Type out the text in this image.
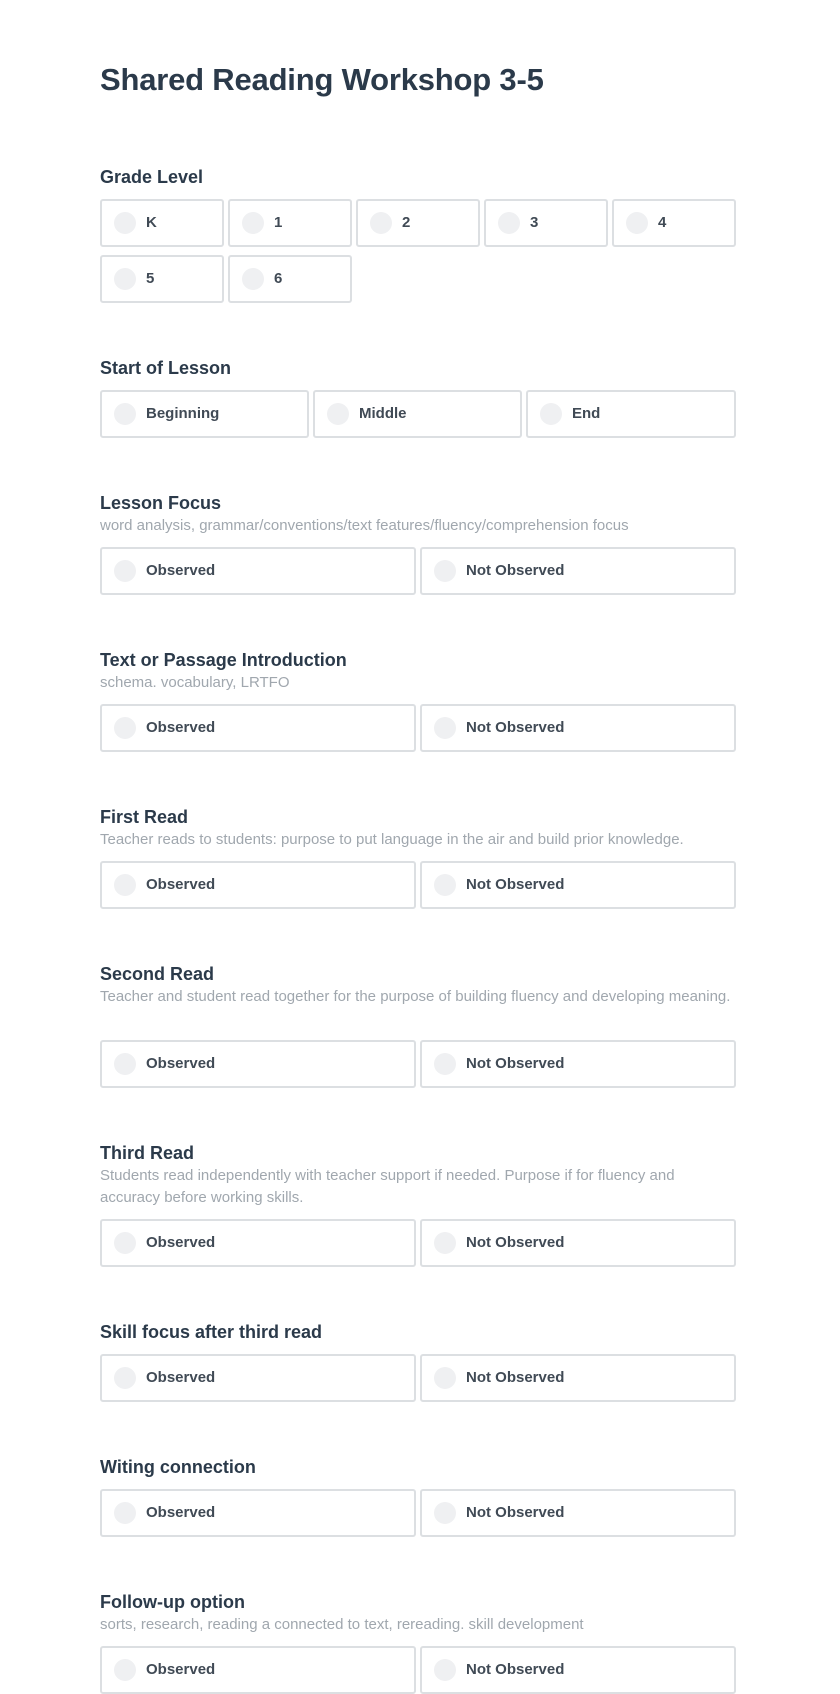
Shared Reading Workshop 3-5
Grade Level
K	1	2	3	4
5	6
Start of Lesson
Beginning	Middle	End
Lesson Focus

word analysis, grammar/conventions/text features/fluency/comprehension focus

Observed	Not Observed
Text or Passage Introduction

schema. vocabulary, LRTFO

Observed	Not Observed
First Read

Teacher reads to students: purpose to put language in the air and build prior knowledge.

Observed	Not Observed
Second Read

Teacher and student read together for the purpose of building fluency and developing meaning.

Observed	Not Observed
Third Read

Students read independently with teacher support if needed. Purpose if for fluency and accuracy before working skills.

Observed	Not Observed
Skill focus after third read
Observed	Not Observed
Witing connection
Observed	Not Observed
Follow-up option

sorts, research, reading a connected to text, rereading. skill development

Observed	Not Observed
